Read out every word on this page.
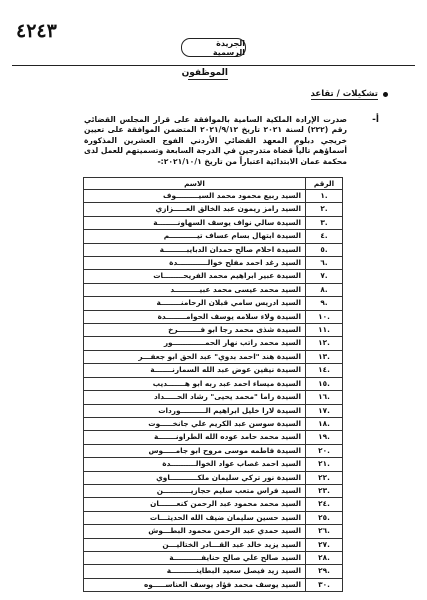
٤٢٤٣
الجريدة الرسمية
الموظفون
تشكيلات / تقاعد
أ-
صدرت الإرادة الملكية السامية بالموافقة على قرار المجلس القضائي رقم (٢٢٢) لسنة ٢٠٢١ تاريخ ٢٠٢١/٩/١٢ المتضمن الموافقة على تعيين خريجي دبلوم المعهد القضائي الأردني الفوج العشرين المذكورة أسماؤهم تالياً قضاة متدرجين في الدرجة السابعة وتسميتهم للعمل لدى محكمة عمان الابتدائية اعتباراً من تاريخ ٢٠٢١/١٠/١:-
الرقم	الاسم
.١	السيد ربيع محمود محمد السيـــــــــوف
.٢	السيد رامز ريمون عبد الخالق العـــــزازي
.٣	السيدة سالي نواف يوسف السهاونــــــــة
.٤	السيدة ابتهال بسام عساف تيـــــــــــم
.٥	السيدة احلام صالح حمدان الدبايبـــــــــة
.٦	السيد رغد احمد مفلح خوالــــــــــــدة
.٧	السيدة عبير ابراهيم محمد الفريحــــــــات
.٨	السيد محمد عيسى محمد عبيــــــــــد
.٩	السيد ادريس سامي قبلان الرحامنــــــــة
.١٠	السيدة ولاء سلامه يوسف الحوامــــــــدة
.١١	السيدة شذى محمد رجا ابو فـــــــــرخ
.١٢	السيد محمد راتب نهار الحمـــــــــــــور
.١٣	السيدة هند "احمد بدوي" عبد الحق ابو جعفـــر
.١٤	السيدة نيفين عوض عبد الله السمارنـــــــة
.١٥	السيدة ميساء احمد عبد ربه ابو هـــــــديب
.١٦	السيدة راما "محمد يحيى" رشاد الحـــــداد
.١٧	السيدة لارا خليل ابراهيم الــــــــــوردات
.١٨	السيدة سوسن عبد الكريم علي جانخـــــوت
.١٩	السيد محمد حامد عوده الله الطراونـــــــة
.٢٠	السيدة فاطمه موسى مروح ابو جامـــــوس
.٢١	السيد احمد غصاب عواد الخوالــــــــــدة
.٢٢	السيدة نور تركي سليمان ملكـــــــــــاوي
.٢٣	السيد فراس متعب سليم حجازيـــــــــــن
.٢٤	السيد محمد محمود عبد الرحمن كنعـــــــان
.٢٥	السيد حسين سليمان ضيف الله الحديثـــات
.٢٦	السيد حمدي عبد الرحمن محمود البطـــوش
.٢٧	السيد يزيد خالد عبد القـــادر الختاليـــن
.٢٨	السيد صالح علي صالح حنايفـــــــــــة
.٢٩	السيد زيد فيصل سعيد البطاينــــــــــة
.٣٠	السيد يوسف محمد فؤاد يوسف العناســـــوه
